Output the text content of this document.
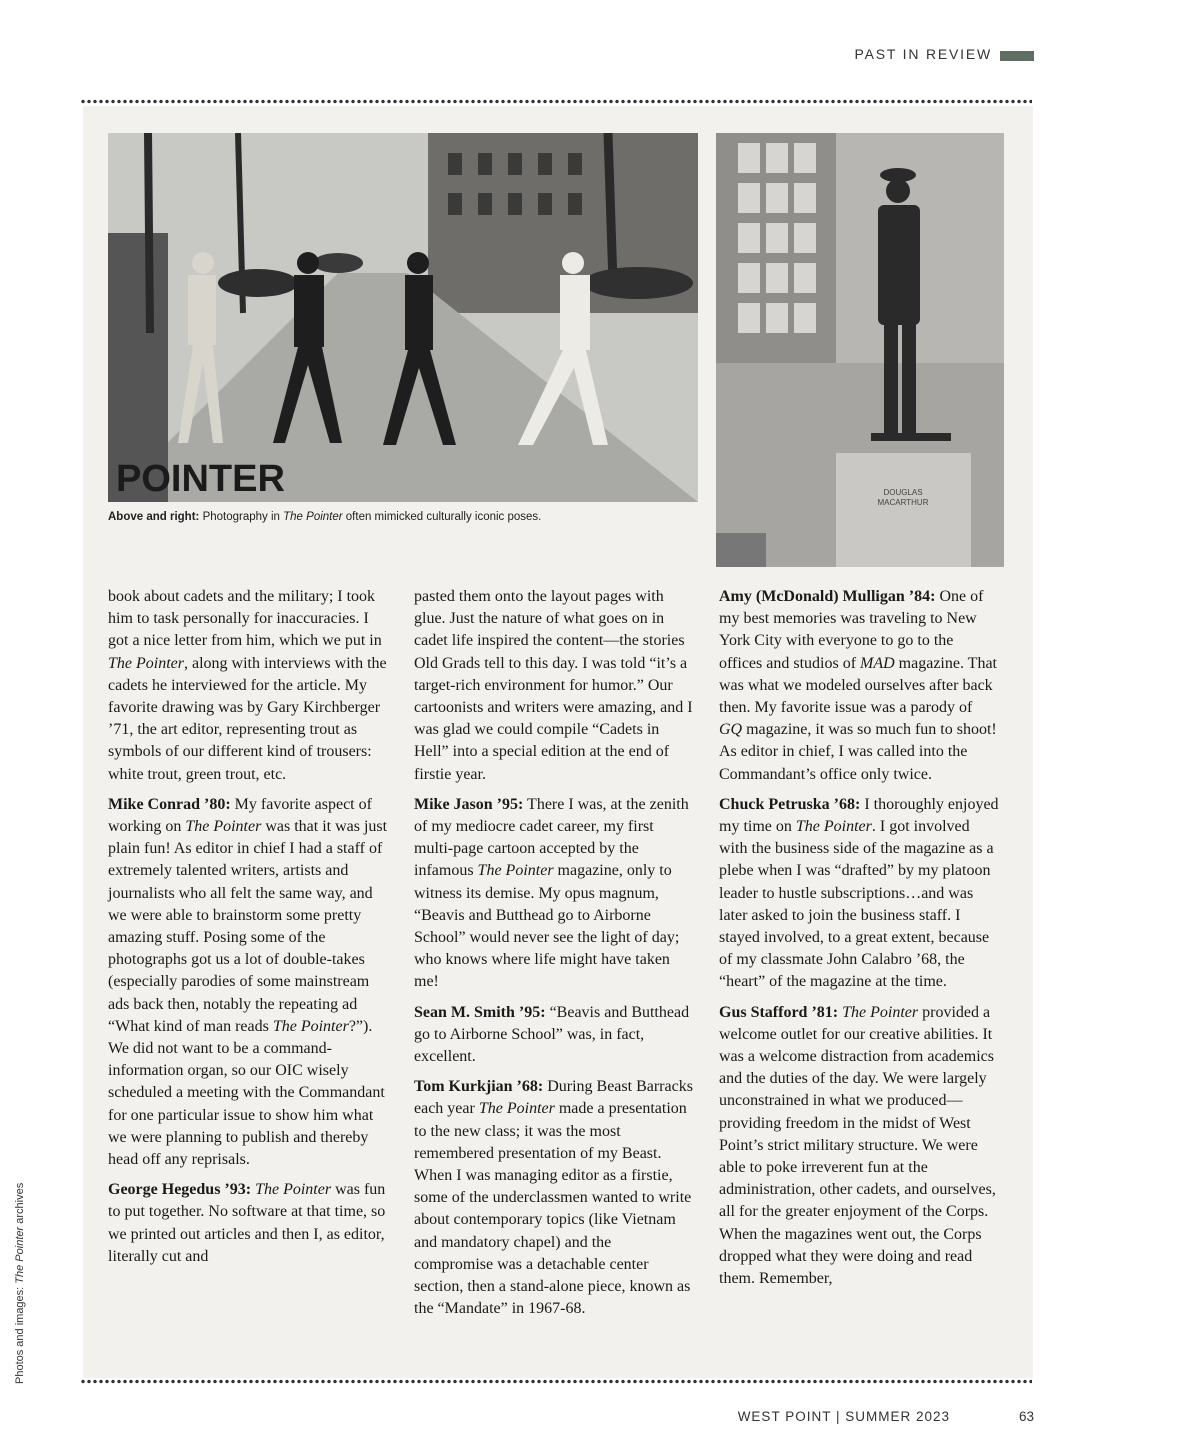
PAST IN REVIEW
POINTER	DOUGLAS
MACARTHUR
Above and right: Photography in The Pointer often mimicked culturally iconic poses.

book about cadets and the military; I took him to task personally for inaccuracies. I got a nice letter from him, which we put in The Pointer, along with interviews with the cadets he interviewed for the article. My favorite drawing was by Gary Kirchberger ’71, the art editor, representing trout as symbols of our different kind of trousers: white trout, green trout, etc.

Mike Conrad ’80: My favorite aspect of working on The Pointer was that it was just plain fun! As editor in chief I had a staff of extremely talented writers, artists and journalists who all felt the same way, and we were able to brainstorm some pretty amazing stuff. Posing some of the photographs got us a lot of double-takes (especially parodies of some mainstream ads back then, notably the repeating ad “What kind of man reads The Pointer?”). We did not want to be a command-information organ, so our OIC wisely scheduled a meeting with the Commandant for one particular issue to show him what we were planning to publish and thereby head off any reprisals.

George Hegedus ’93: The Pointer was fun to put together. No software at that time, so we printed out articles and then I, as editor, literally cut and

pasted them onto the layout pages with glue. Just the nature of what goes on in cadet life inspired the content—the stories Old Grads tell to this day. I was told “it’s a target-rich environment for humor.” Our cartoonists and writers were amazing, and I was glad we could compile “Cadets in Hell” into a special edition at the end of firstie year.

Mike Jason ’95: There I was, at the zenith of my mediocre cadet career, my first multi-page cartoon accepted by the infamous The Pointer magazine, only to witness its demise. My opus magnum, “Beavis and Butthead go to Airborne School” would never see the light of day; who knows where life might have taken me!

Sean M. Smith ’95: “Beavis and Butthead go to Airborne School” was, in fact, excellent.

Tom Kurkjian ’68: During Beast Barracks each year The Pointer made a presentation to the new class; it was the most remembered presentation of my Beast. When I was managing editor as a firstie, some of the underclassmen wanted to write about contemporary topics (like Vietnam and mandatory chapel) and the compromise was a detachable center section, then a stand-alone piece, known as the “Mandate” in 1967-68.

Amy (McDonald) Mulligan ’84: One of my best memories was traveling to New York City with everyone to go to the offices and studios of MAD magazine. That was what we modeled ourselves after back then. My favorite issue was a parody of GQ magazine, it was so much fun to shoot! As editor in chief, I was called into the Commandant’s office only twice.

Chuck Petruska ’68: I thoroughly enjoyed my time on The Pointer. I got involved with the business side of the magazine as a plebe when I was “drafted” by my platoon leader to hustle subscriptions…and was later asked to join the business staff. I stayed involved, to a great extent, because of my classmate John Calabro ’68, the “heart” of the magazine at the time.

Gus Stafford ’81: The Pointer provided a welcome outlet for our creative abilities. It was a welcome distraction from academics and the duties of the day. We were largely unconstrained in what we produced—providing freedom in the midst of West Point’s strict military structure. We were able to poke irreverent fun at the administration, other cadets, and ourselves, all for the greater enjoyment of the Corps. When the magazines went out, the Corps dropped what they were doing and read them. Remember,

Photos and images: The Pointer archives
WEST POINT | SUMMER 2023	63
